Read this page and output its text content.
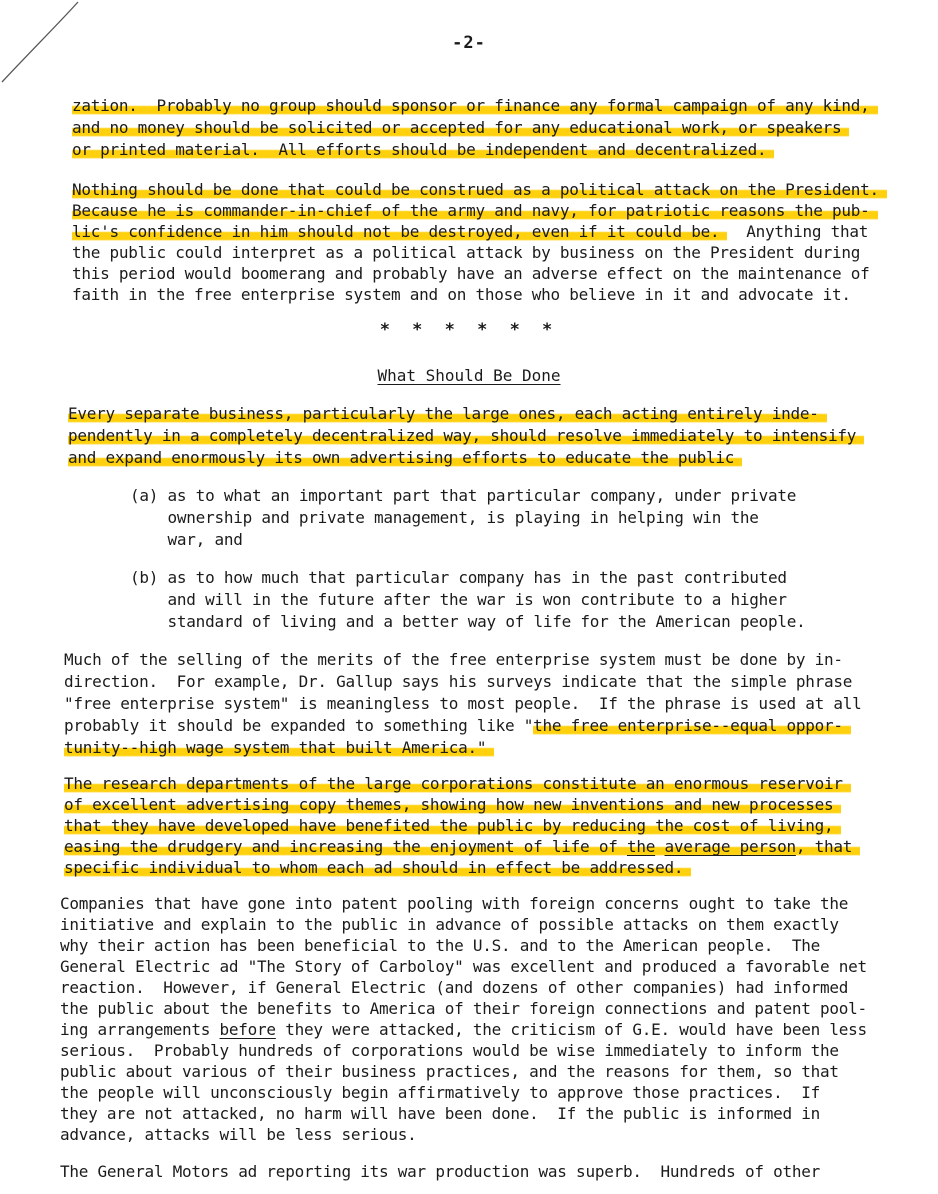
-2-
zation.  Probably no group should sponsor or finance any formal campaign of any kind,
and no money should be solicited or accepted for any educational work, or speakers
or printed material.  All efforts should be independent and decentralized.
Nothing should be done that could be construed as a political attack on the President.
Because he is commander-in-chief of the army and navy, for patriotic reasons the pub-
lic's confidence in him should not be destroyed, even if it could be.  Anything that
the public could interpret as a political attack by business on the President during
this period would boomerang and probably have an adverse effect on the maintenance of
faith in the free enterprise system and on those who believe in it and advocate it.
* * * * * *
What Should Be Done
Every separate business, particularly the large ones, each acting entirely inde-
pendently in a completely decentralized way, should resolve immediately to intensify
and expand enormously its own advertising efforts to educate the public
(a) as to what an important part that particular company, under private
ownership and private management, is playing in helping win the
war, and
(b) as to how much that particular company has in the past contributed
and will in the future after the war is won contribute to a higher
standard of living and a better way of life for the American people.
Much of the selling of the merits of the free enterprise system must be done by in-
direction.  For example, Dr. Gallup says his surveys indicate that the simple phrase
"free enterprise system" is meaningless to most people.  If the phrase is used at all
probably it should be expanded to something like "the free enterprise--equal oppor-
tunity--high wage system that built America."
The research departments of the large corporations constitute an enormous reservoir
of excellent advertising copy themes, showing how new inventions and new processes
that they have developed have benefited the public by reducing the cost of living,
easing the drudgery and increasing the enjoyment of life of the average person, that
specific individual to whom each ad should in effect be addressed.
Companies that have gone into patent pooling with foreign concerns ought to take the
initiative and explain to the public in advance of possible attacks on them exactly
why their action has been beneficial to the U.S. and to the American people.  The
General Electric ad "The Story of Carboloy" was excellent and produced a favorable net
reaction.  However, if General Electric (and dozens of other companies) had informed
the public about the benefits to America of their foreign connections and patent pool-
ing arrangements before they were attacked, the criticism of G.E. would have been less
serious.  Probably hundreds of corporations would be wise immediately to inform the
public about various of their business practices, and the reasons for them, so that
the people will unconsciously begin affirmatively to approve those practices.  If
they are not attacked, no harm will have been done.  If the public is informed in
advance, attacks will be less serious.
The General Motors ad reporting its war production was superb.  Hundreds of other
